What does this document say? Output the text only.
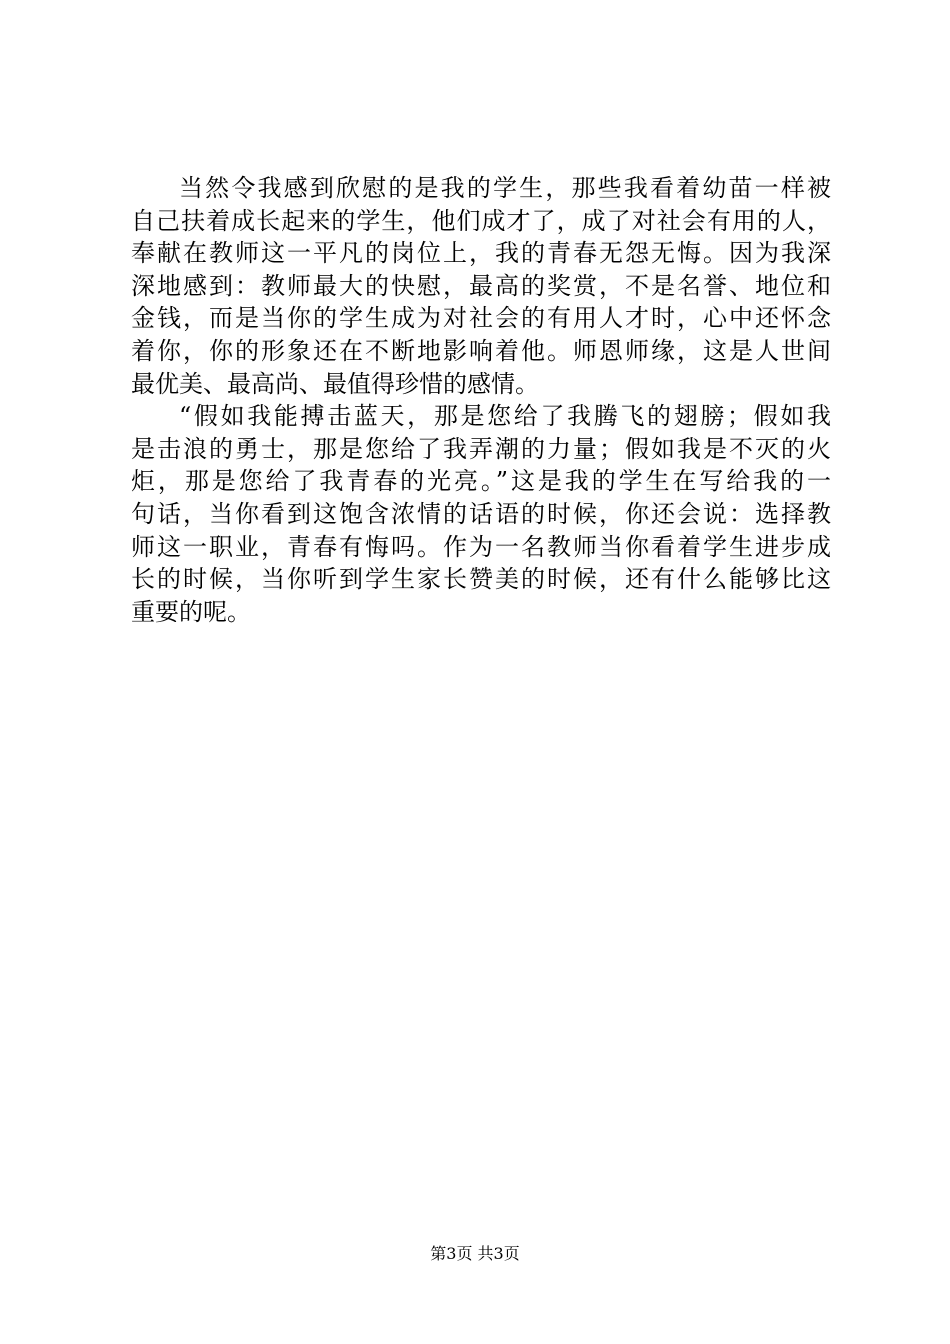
当然令我感到欣慰的是我的学生，那些我看着幼苗一样被
自己扶着成长起来的学生，他们成才了，成了对社会有用的人，
奉献在教师这一平凡的岗位上，我的青春无怨无悔。因为我深
深地感到：教师最大的快慰，最高的奖赏，不是名誉、地位和
金钱，而是当你的学生成为对社会的有用人才时，心中还怀念
着你，你的形象还在不断地影响着他。师恩师缘，这是人世间
最优美、最高尚、最值得珍惜的感情。
“假如我能搏击蓝天，那是您给了我腾飞的翅膀；假如我
是击浪的勇士，那是您给了我弄潮的力量；假如我是不灭的火
炬，那是您给了我青春的光亮。”这是我的学生在写给我的一
句话，当你看到这饱含浓情的话语的时候，你还会说：选择教
师这一职业，青春有悔吗。作为一名教师当你看着学生进步成
长的时候，当你听到学生家长赞美的时候，还有什么能够比这
重要的呢。
第3页 共3页
